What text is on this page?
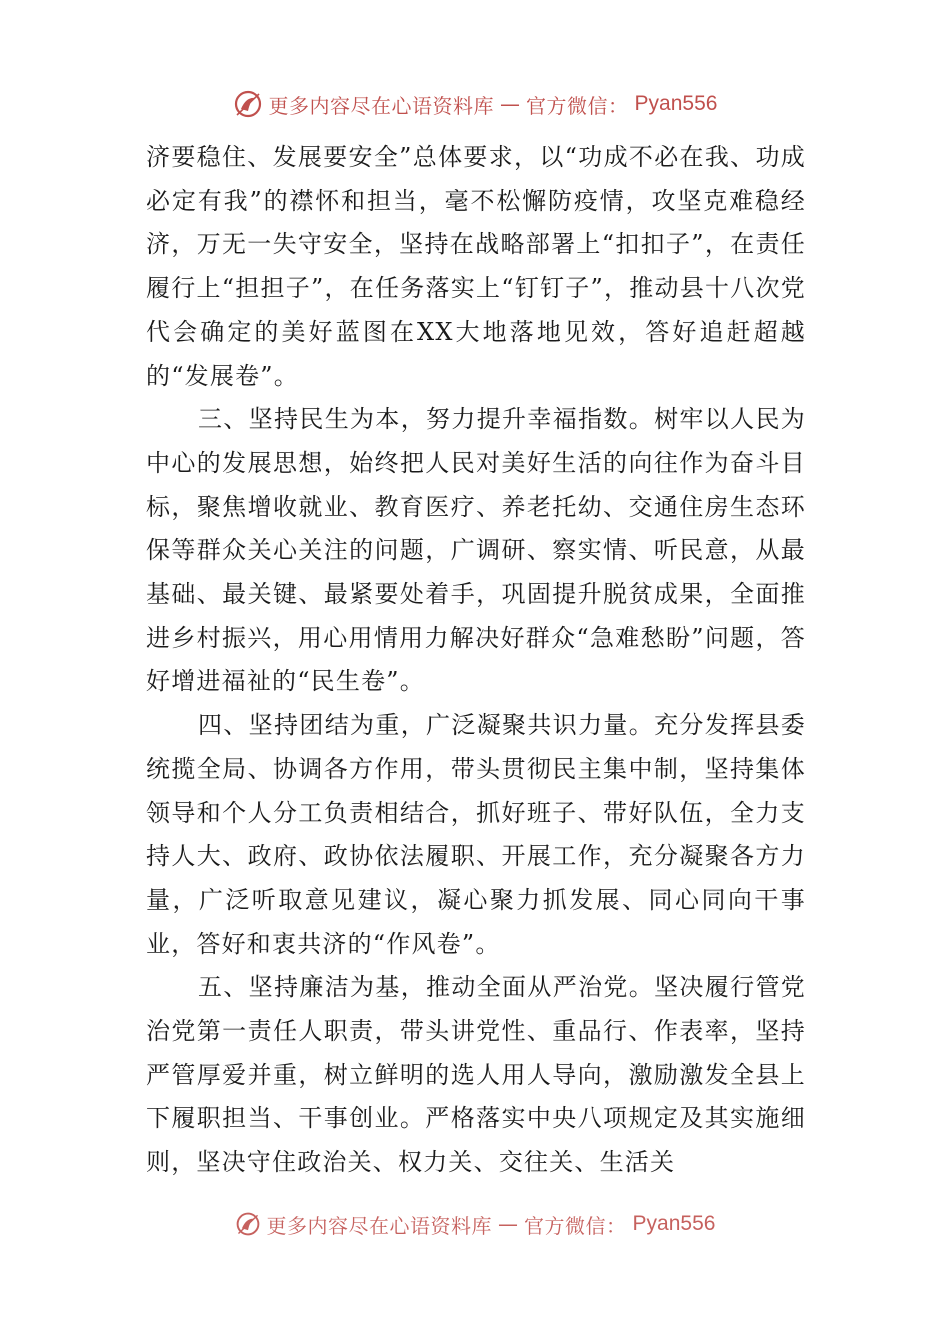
更多内容尽在心语资料库 — 官方微信： Pyan556

济要稳住、发展要安全”总体要求，以“功成不必在我、功成必定有我”的襟怀和担当，毫不松懈防疫情，攻坚克难稳经济，万无一失守安全，坚持在战略部署上“扣扣子”，在责任履行上“担担子”，在任务落实上“钉钉子”，推动县十八次党代会确定的美好蓝图在XX大地落地见效，答好追赶超越的“发展卷”。

三、坚持民生为本，努力提升幸福指数。树牢以人民为中心的发展思想，始终把人民对美好生活的向往作为奋斗目标，聚焦增收就业、教育医疗、养老托幼、交通住房生态环保等群众关心关注的问题，广调研、察实情、听民意，从最基础、最关键、最紧要处着手，巩固提升脱贫成果，全面推进乡村振兴，用心用情用力解决好群众“急难愁盼”问题，答好增进福祉的“民生卷”。

四、坚持团结为重，广泛凝聚共识力量。充分发挥县委统揽全局、协调各方作用，带头贯彻民主集中制，坚持集体领导和个人分工负责相结合，抓好班子、带好队伍，全力支持人大、政府、政协依法履职、开展工作，充分凝聚各方力量，广泛听取意见建议，凝心聚力抓发展、同心同向干事业，答好和衷共济的“作风卷”。

五、坚持廉洁为基，推动全面从严治党。坚决履行管党治党第一责任人职责，带头讲党性、重品行、作表率，坚持严管厚爱并重，树立鲜明的选人用人导向，激励激发全县上下履职担当、干事创业。严格落实中央八项规定及其实施细则，坚决守住政治关、权力关、交往关、生活关

更多内容尽在心语资料库 — 官方微信： Pyan556
